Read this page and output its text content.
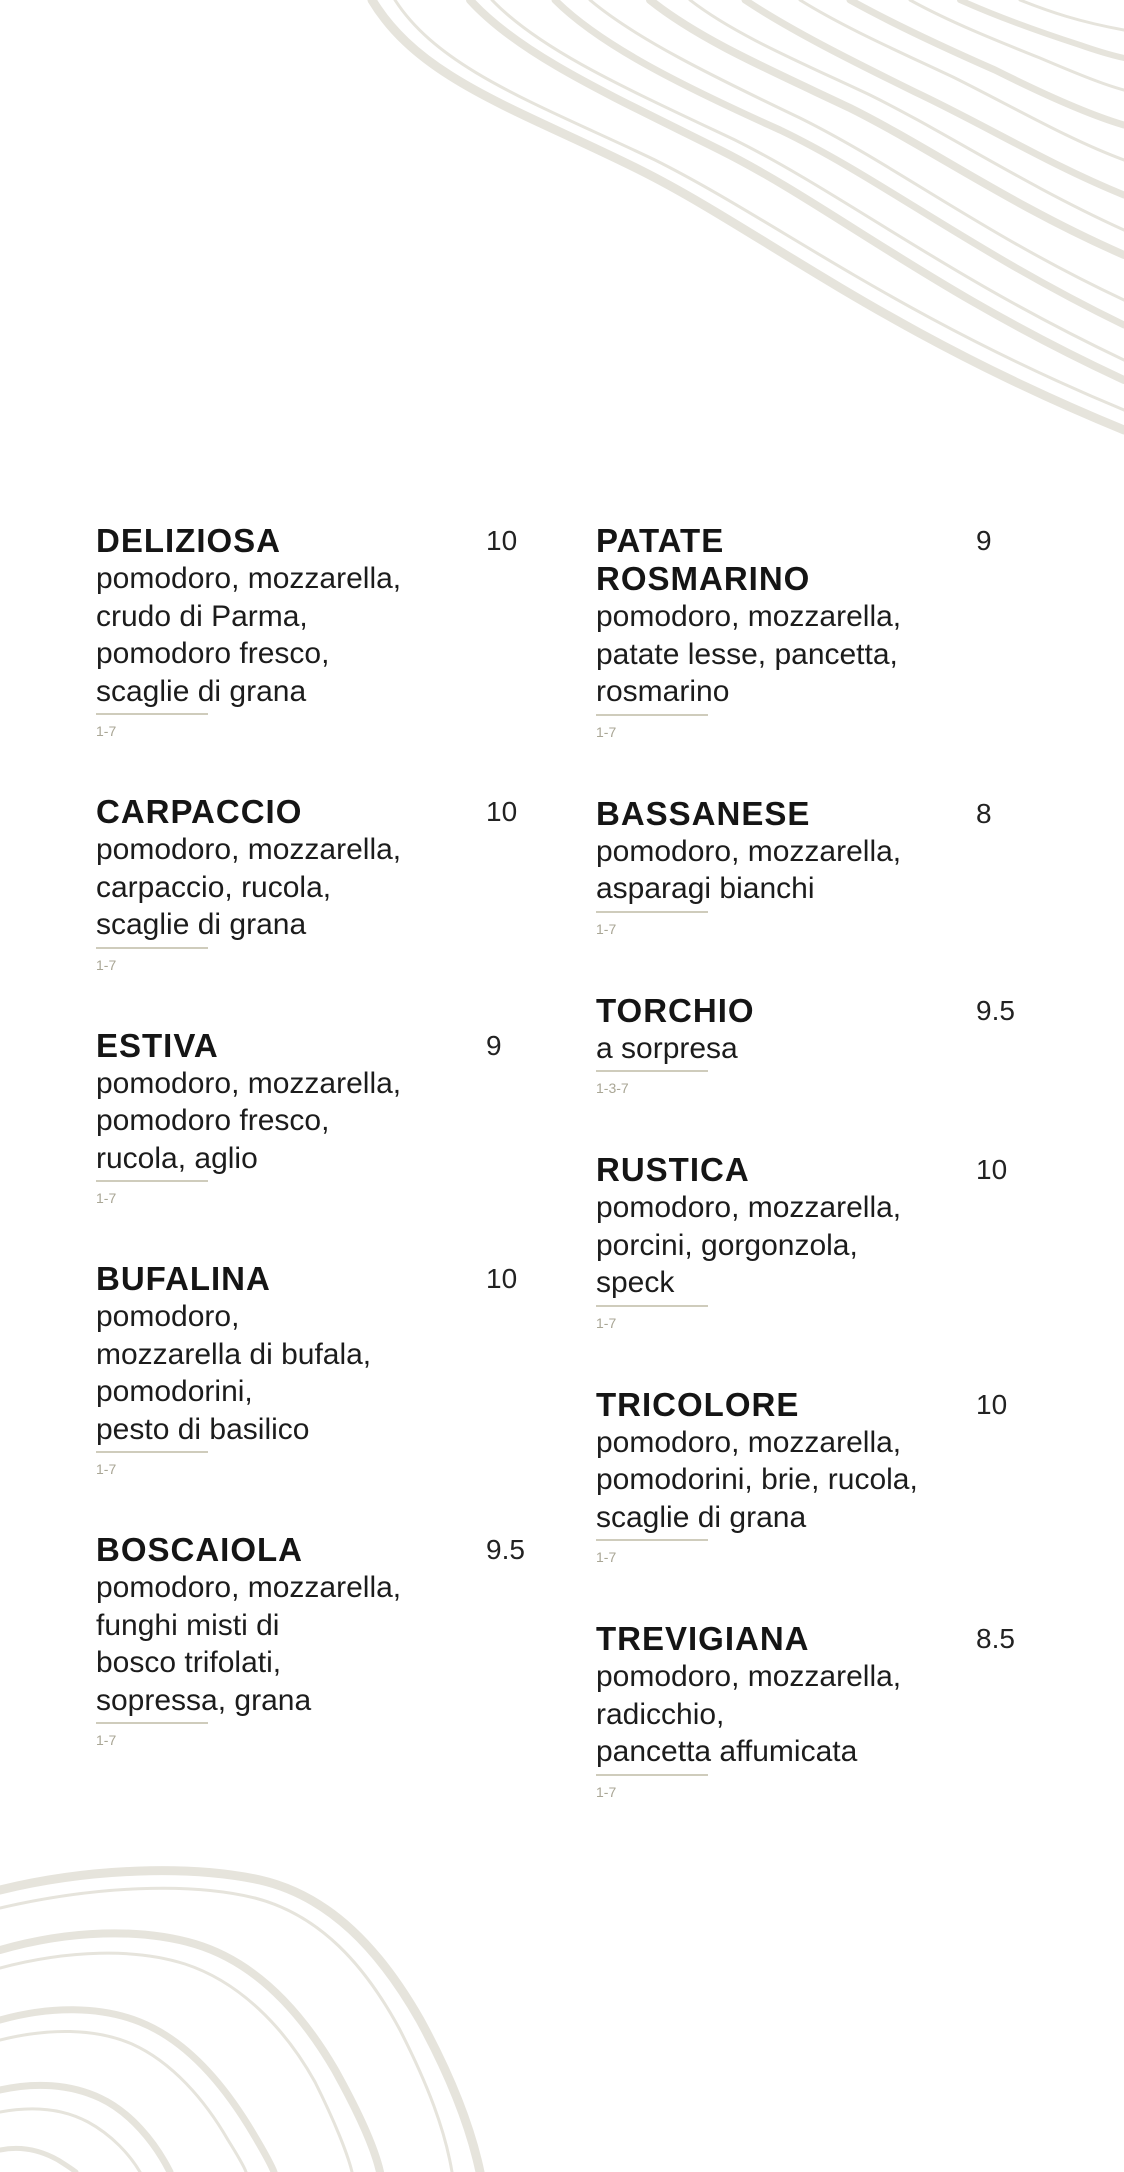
DELIZIOSA	10
pomodoro, mozzarella,
crudo di Parma,
pomodoro fresco,
scaglie di grana
1-7
CARPACCIO	10
pomodoro, mozzarella,
carpaccio, rucola,
scaglie di grana
1-7
ESTIVA	9
pomodoro, mozzarella,
pomodoro fresco,
rucola, aglio
1-7
BUFALINA	10
pomodoro,
mozzarella di bufala,
pomodorini,
pesto di basilico
1-7
BOSCAIOLA	9.5
pomodoro, mozzarella,
funghi misti di
bosco trifolati,
sopressa, grana
1-7
PATATE
ROSMARINO
9
pomodoro, mozzarella,
patate lesse, pancetta,
rosmarino
1-7
BASSANESE	8
pomodoro, mozzarella,
asparagi bianchi
1-7
TORCHIO	9.5
a sorpresa
1-3-7
RUSTICA	10
pomodoro, mozzarella,
porcini, gorgonzola,
speck
1-7
TRICOLORE	10
pomodoro, mozzarella,
pomodorini, brie, rucola,
scaglie di grana
1-7
TREVIGIANA	8.5
pomodoro, mozzarella,
radicchio,
pancetta affumicata
1-7
